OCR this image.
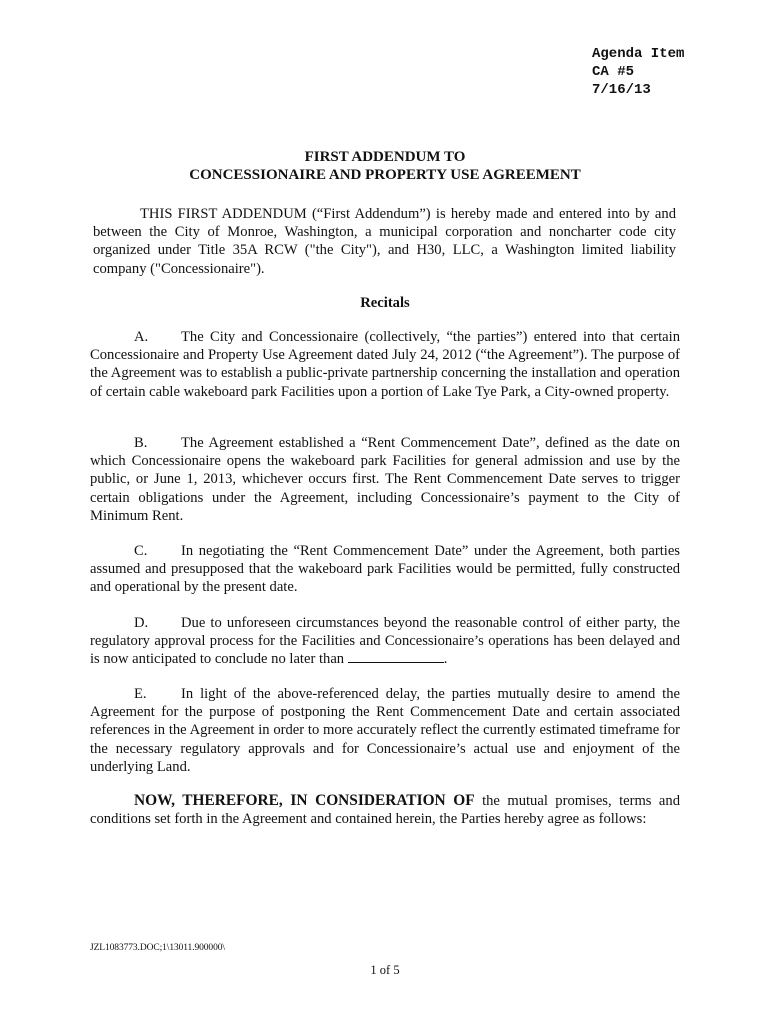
Agenda Item
CA #5
7/16/13
FIRST ADDENDUM TO
CONCESSIONAIRE AND PROPERTY USE AGREEMENT
THIS FIRST ADDENDUM (“First Addendum”) is hereby made and entered into by and between the City of Monroe, Washington, a municipal corporation and noncharter code city organized under Title 35A RCW ("the City"), and H30, LLC, a Washington limited liability company ("Concessionaire").
Recitals
A. The City and Concessionaire (collectively, “the parties”) entered into that certain Concessionaire and Property Use Agreement dated July 24, 2012 (“the Agreement”). The purpose of the Agreement was to establish a public-private partnership concerning the installation and operation of certain cable wakeboard park Facilities upon a portion of Lake Tye Park, a City-owned property.
B. The Agreement established a “Rent Commencement Date”, defined as the date on which Concessionaire opens the wakeboard park Facilities for general admission and use by the public, or June 1, 2013, whichever occurs first. The Rent Commencement Date serves to trigger certain obligations under the Agreement, including Concessionaire’s payment to the City of Minimum Rent.
C. In negotiating the “Rent Commencement Date” under the Agreement, both parties assumed and presupposed that the wakeboard park Facilities would be permitted, fully constructed and operational by the present date.
D. Due to unforeseen circumstances beyond the reasonable control of either party, the regulatory approval process for the Facilities and Concessionaire’s operations has been delayed and is now anticipated to conclude no later than	.
E. In light of the above-referenced delay, the parties mutually desire to amend the Agreement for the purpose of postponing the Rent Commencement Date and certain associated references in the Agreement in order to more accurately reflect the currently estimated timeframe for the necessary regulatory approvals and for Concessionaire’s actual use and enjoyment of the underlying Land.
NOW, THEREFORE, IN CONSIDERATION OF the mutual promises, terms and conditions set forth in the Agreement and contained herein, the Parties hereby agree as follows:
JZL1083773.DOC;1\13011.900000\
1 of 5
